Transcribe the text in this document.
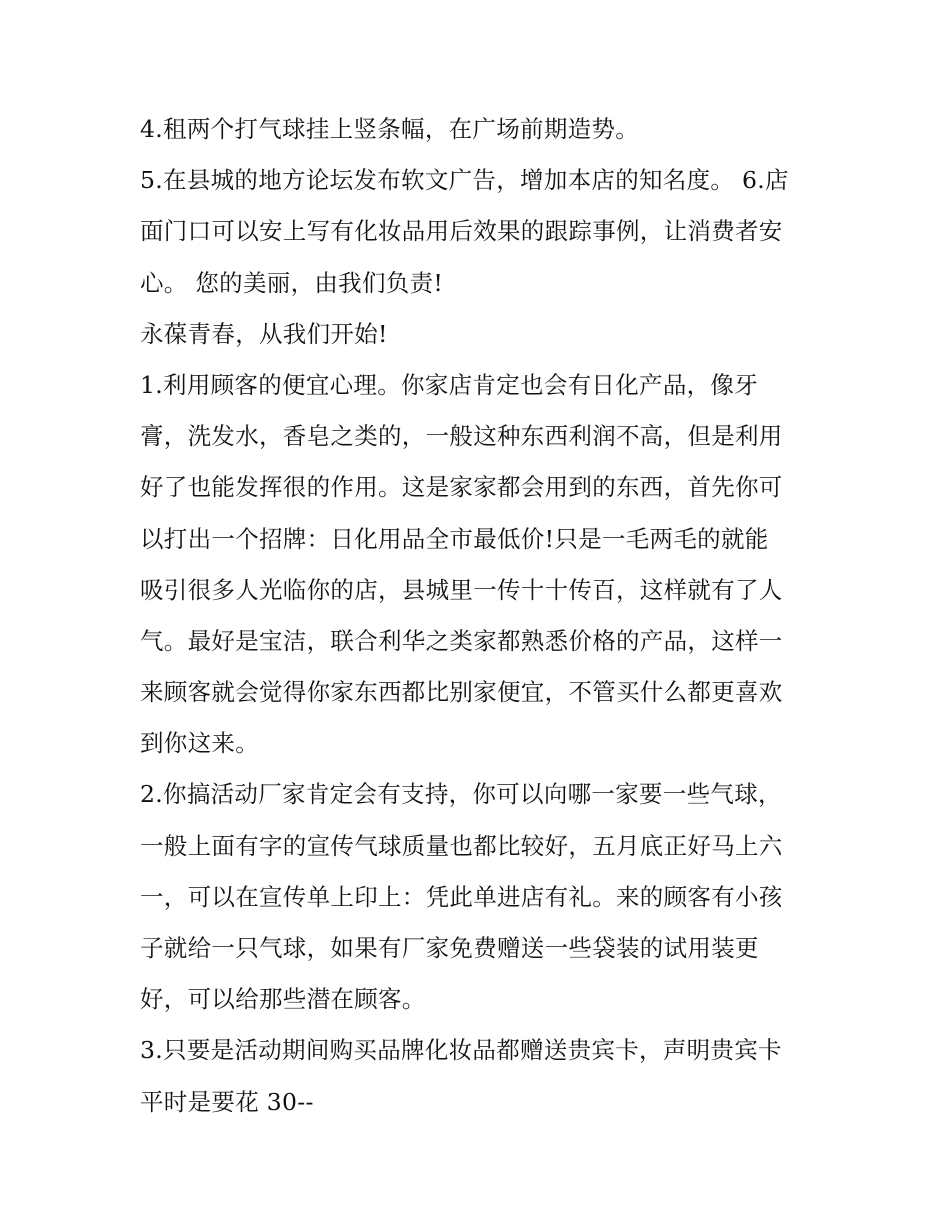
4.租两个打气球挂上竖条幅，在广场前期造势。
5.在县城的地方论坛发布软文广告，增加本店的知名度。 6.店
面门口可以安上写有化妆品用后效果的跟踪事例，让消费者安
心。 您的美丽，由我们负责!
永葆青春，从我们开始!
1.利用顾客的便宜心理。你家店肯定也会有日化产品，像牙
膏，洗发水，香皂之类的，一般这种东西利润不高，但是利用
好了也能发挥很的作用。这是家家都会用到的东西，首先你可
以打出一个招牌：日化用品全市最低价!只是一毛两毛的就能
吸引很多人光临你的店，县城里一传十十传百，这样就有了人
气。最好是宝洁，联合利华之类家都熟悉价格的产品，这样一
来顾客就会觉得你家东西都比别家便宜，不管买什么都更喜欢
到你这来。
2.你搞活动厂家肯定会有支持，你可以向哪一家要一些气球，
一般上面有字的宣传气球质量也都比较好，五月底正好马上六
一，可以在宣传单上印上：凭此单进店有礼。来的顾客有小孩
子就给一只气球，如果有厂家免费赠送一些袋装的试用装更
好，可以给那些潜在顾客。
3.只要是活动期间购买品牌化妆品都赠送贵宾卡，声明贵宾卡
平时是要花 30--
